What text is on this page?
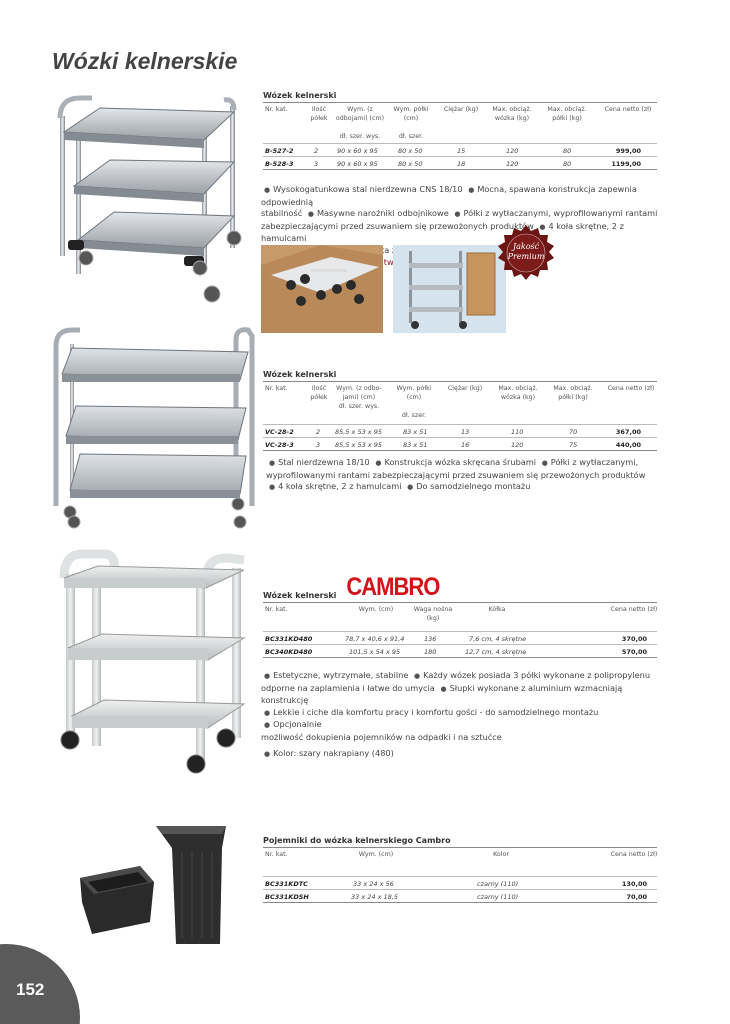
Wózki kelnerskie
Wózek kelnerski
Nr. kat.	Ilość półek
Wym. (z odbojami) (cm)
dł. szer. wys.
Wym. półki (cm)
dł. szer.
Ciężar (kg)	Max. obciąż. wózka (kg)
Max. obciąż. półki (kg)
Cena netto (zł)
B-527-2	2	90 x 60 x 95	80 x 50	15	120	80	999,00
B-528-3	3	90 x 60 x 95	80 x 50	18	120	80	1199,00
● Wysokogatunkowa stal nierdzewna CNS 18/10 ● Mocna, spawana konstrukcja zapewnia odpowiednią
stabilność ● Masywne narożniki odbojnikowe ● Półki z wytłaczanymi, wyprofilowanymi rantami
zabezpieczającymi przed zsuwaniem się przewożonych produktów ● 4 koła skrętne, 2 z hamulcami
Jakość
Premium
Wózek kelnerski
Nr. kat.	Ilość półek
Wym. (z odbo- jami) (cm)
dł. szer. wys.
Wym. półki (cm)
dł. szer.
Ciężar (kg)	Max. obciąż. wózka (kg)
Max. obciąż. półki (kg)
Cena netto (zł)
VC-28-2	2 85,5 x 53 x 95	83 x 51	13	110	70	367,00
VC-28-3	3 85,5 x 53 x 95	83 x 51	16	120	75	440,00
● Stal nierdzewna 18/10 ● Konstrukcja wózka skręcana śrubami ● Półki z wytłaczanymi,
wyprofilowanymi rantami zabezpieczającymi przed zsuwaniem się przewożonych produktów
● 4 koła skrętne, 2 z hamulcami ● Do samodzielnego montażu
Wózek kelnerski CAMBRO
Nr. kat.	Wym. (cm)	Waga nośna (kg)
Kółka	Cena netto (zł)
BC331KD480	78,7 x 40,6 x 91,4	136	7,6 cm, 4 skrętne	370,00
BC340KD480	101,5 x 54 x 95	180	12,7 cm, 4 skrętne	570,00
● Estetyczne, wytrzymałe, stabilne ● Każdy wózek posiada 3 półki wykonane z polipropylenu
odporne na zaplamienia i łatwe do umycia ● Słupki wykonane z aluminium wzmacniają konstrukcję
● Lekkie i ciche dla komfortu pracy i komfortu gości - do samodzielnego montażu ● Opcjonalnie
możliwość dokupienia pojemników na odpadki i na sztućce
● Kolor: szary nakrapiany (480)
Pojemniki do wózka kelnerskiego Cambro
Nr. kat.	Wym. (cm)	Kolor	Cena netto (zł)
BC331KDTC	33 x 24 x 56	czarny (110)	130,00
BC331KDSH	33 x 24 x 18,5	czarny (110)	70,00
152
